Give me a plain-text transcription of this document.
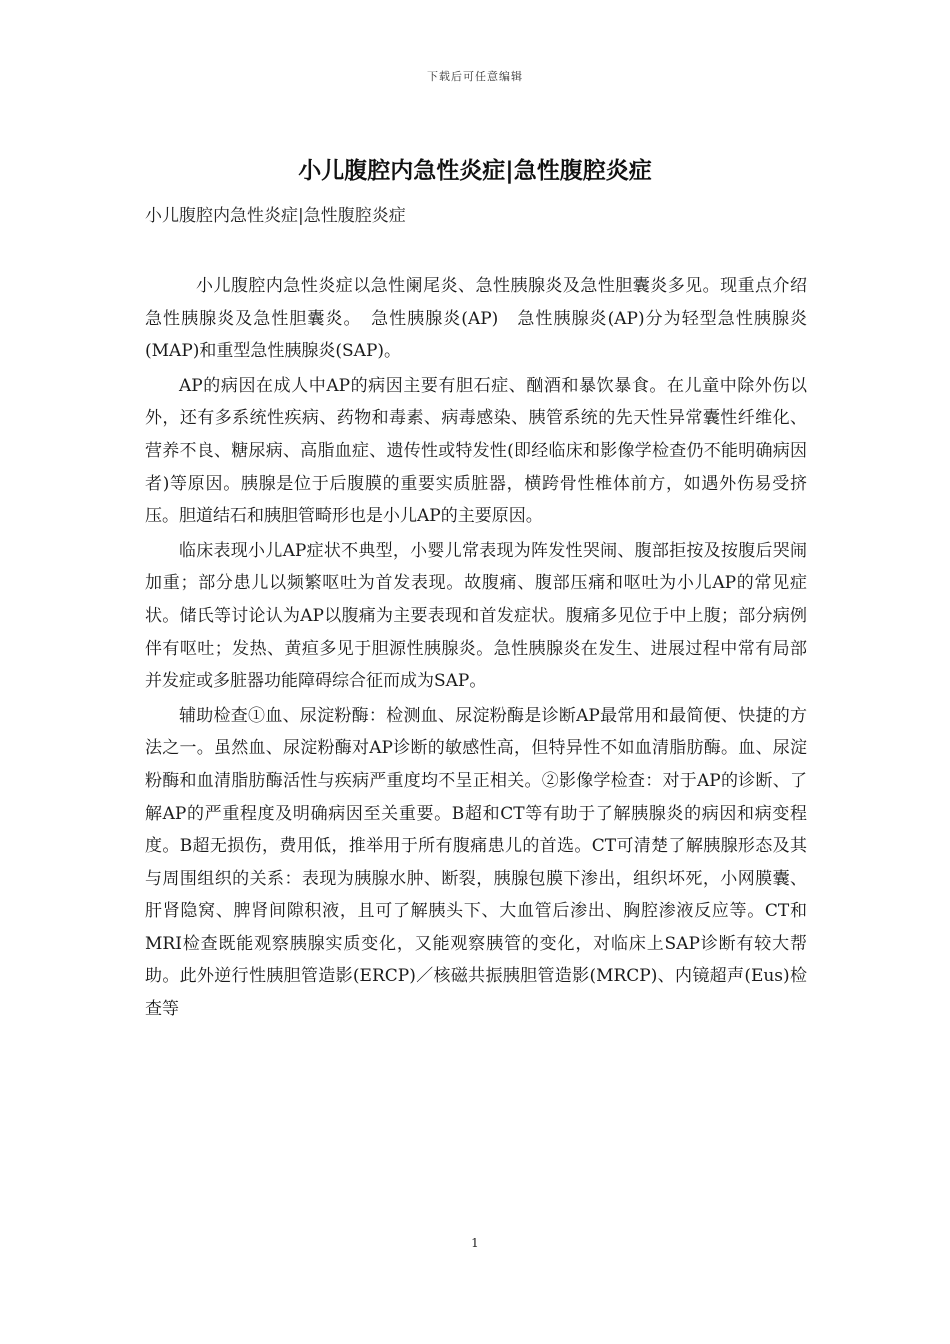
下载后可任意编辑
小儿腹腔内急性炎症|急性腹腔炎症
小儿腹腔内急性炎症|急性腹腔炎症

小儿腹腔内急性炎症以急性阑尾炎、急性胰腺炎及急性胆囊炎多见。现重点介绍急性胰腺炎及急性胆囊炎。　急性胰腺炎(AP)　急性胰腺炎(AP)分为轻型急性胰腺炎(MAP)和重型急性胰腺炎(SAP)。

AP的病因在成人中AP的病因主要有胆石症、酗酒和暴饮暴食。在儿童中除外伤以外，还有多系统性疾病、药物和毒素、病毒感染、胰管系统的先天性异常囊性纤维化、营养不良、糖尿病、高脂血症、遗传性或特发性(即经临床和影像学检查仍不能明确病因者)等原因。胰腺是位于后腹膜的重要实质脏器，横跨骨性椎体前方，如遇外伤易受挤压。胆道结石和胰胆管畸形也是小儿AP的主要原因。

临床表现小儿AP症状不典型，小婴儿常表现为阵发性哭闹、腹部拒按及按腹后哭闹加重；部分患儿以频繁呕吐为首发表现。故腹痛、腹部压痛和呕吐为小儿AP的常见症状。储氏等讨论认为AP以腹痛为主要表现和首发症状。腹痛多见位于中上腹；部分病例伴有呕吐；发热、黄疸多见于胆源性胰腺炎。急性胰腺炎在发生、进展过程中常有局部并发症或多脏器功能障碍综合征而成为SAP。

辅助检查①血、尿淀粉酶：检测血、尿淀粉酶是诊断AP最常用和最简便、快捷的方法之一。虽然血、尿淀粉酶对AP诊断的敏感性高，但特异性不如血清脂肪酶。血、尿淀粉酶和血清脂肪酶活性与疾病严重度均不呈正相关。②影像学检查：对于AP的诊断、了解AP的严重程度及明确病因至关重要。B超和CT等有助于了解胰腺炎的病因和病变程度。B超无损伤，费用低，推举用于所有腹痛患儿的首选。CT可清楚了解胰腺形态及其与周围组织的关系：表现为胰腺水肿、断裂，胰腺包膜下渗出，组织坏死，小网膜囊、肝肾隐窝、脾肾间隙积液，且可了解胰头下、大血管后渗出、胸腔渗液反应等。CT和MRI检查既能观察胰腺实质变化，又能观察胰管的变化，对临床上SAP诊断有较大帮助。此外逆行性胰胆管造影(ERCP)／核磁共振胰胆管造影(MRCP)、内镜超声(Eus)检查等

1
